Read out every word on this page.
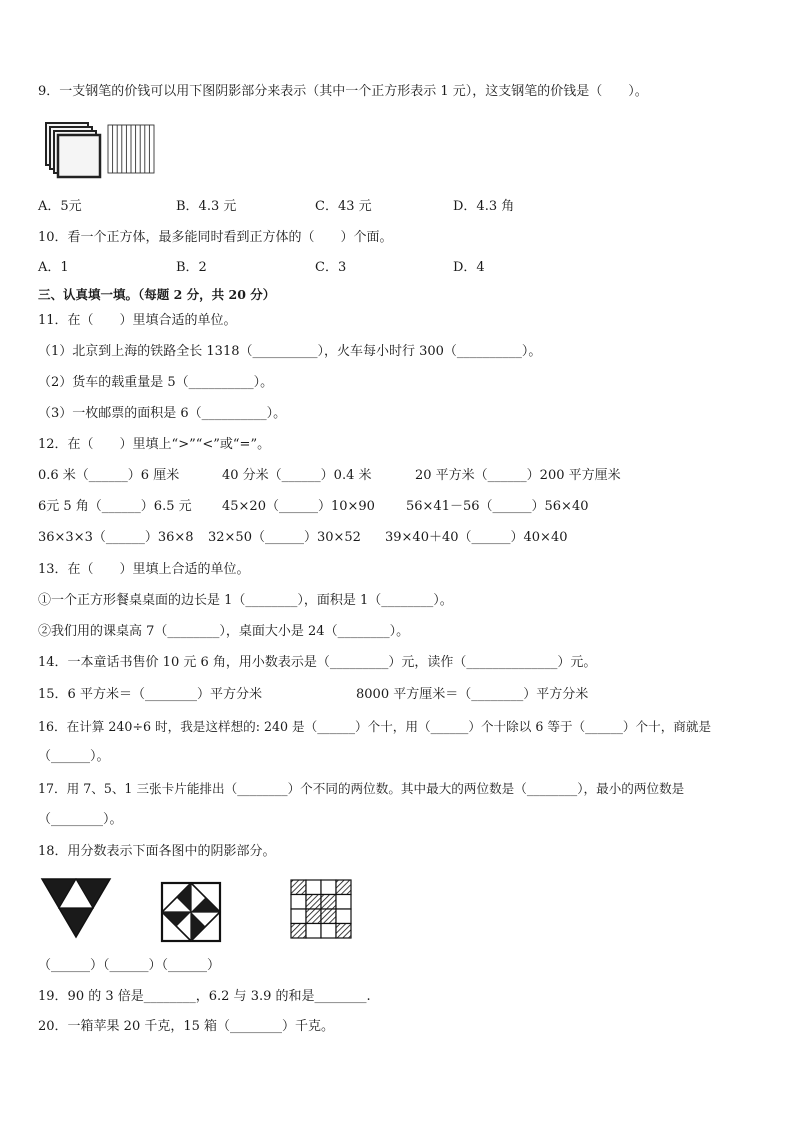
9．一支钢笔的价钱可以用下图阴影部分来表示（其中一个正方形表示 1 元），这支钢笔的价钱是（　　）。
A．5元	B．4.3 元	C．43 元	D．4.3 角
10．看一个正方体，最多能同时看到正方体的（　　）个面。
A．1	B．2	C．3	D．4
三、认真填一填。（每题 2 分，共 20 分）
11．在（　　）里填合适的单位。
（1）北京到上海的铁路全长 1318（__________），火车每小时行 300（__________）。
（2）货车的载重量是 5（__________）。
（3）一枚邮票的面积是 6（__________）。
12．在（　　）里填上“>”“<”或“=”。
0.6 米（______）6 厘米	40 分米（______）0.4 米	20 平方米（______）200 平方厘米
6元 5 角（______）6.5 元 45×20（______）10×90 56×41－56（______）56×40
36×3×3（______）36×8 32×50（______）30×52 39×40＋40（______）40×40
13．在（　　）里填上合适的单位。
①一个正方形餐桌桌面的边长是 1（________），面积是 1（________）。
②我们用的课桌高 7（________），桌面大小是 24（________）。
14．一本童话书售价 10 元 6 角，用小数表示是（_________）元，读作（______________）元。
15．6 平方米＝（________）平方分米	8000 平方厘米＝（________）平方分米
16．在计算 240÷6 时，我是这样想的: 240 是（______）个十，用（______）个十除以 6 等于（______）个十，商就是
（______）。
17．用 7、5、1 三张卡片能排出（________）个不同的两位数。其中最大的两位数是（________），最小的两位数是
（________）。
18．用分数表示下面各图中的阴影部分。
（______）（______）（______）
19．90 的 3 倍是________，6.2 与 3.9 的和是________.
20．一箱苹果 20 千克，15 箱（________）千克。
